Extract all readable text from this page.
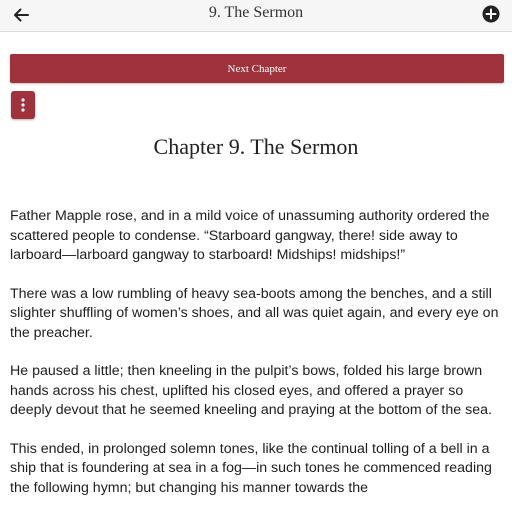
9. The Sermon
Next Chapter
Chapter 9. The Sermon

Father Mapple rose, and in a mild voice of unassuming authority ordered the scattered people to condense. “Starboard gangway, there! side away to larboard—larboard gangway to starboard! Midships! midships!”

There was a low rumbling of heavy sea-boots among the benches, and a still slighter shuffling of women’s shoes, and all was quiet again, and every eye on the preacher.

He paused a little; then kneeling in the pulpit’s bows, folded his large brown hands across his chest, uplifted his closed eyes, and offered a prayer so deeply devout that he seemed kneeling and praying at the bottom of the sea.

This ended, in prolonged solemn tones, like the continual tolling of a bell in a ship that is foundering at sea in a fog—in such tones he commenced reading the following hymn; but changing his manner towards the
